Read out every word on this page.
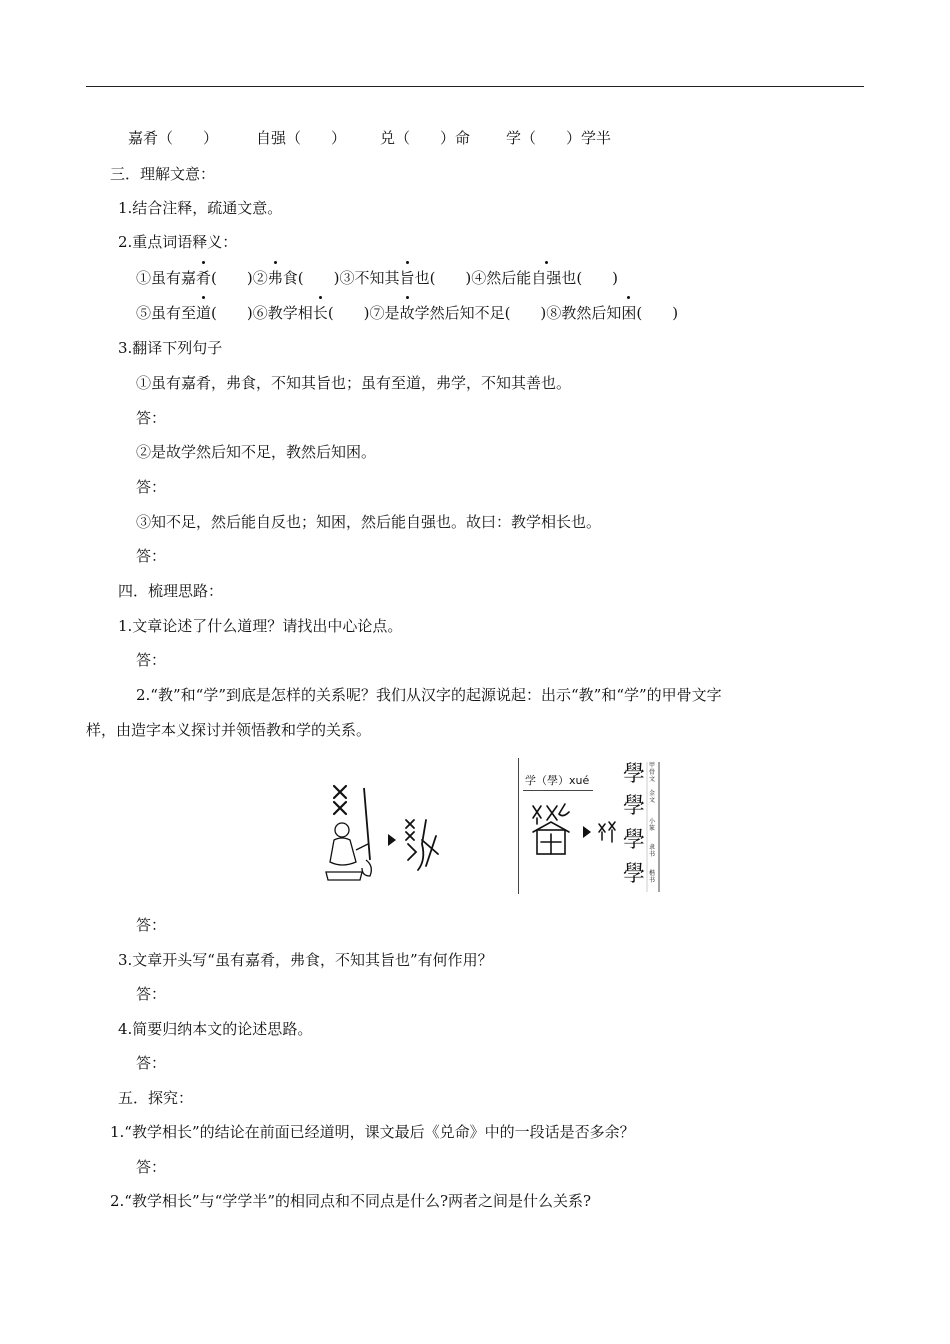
嘉肴（　　）	自强（　　） 兑（　　）命 学（　　）学半
三．理解文意：
1.结合注释，疏通文意。
2.重点词语释义：
①虽有嘉肴(　　)②弗食(　　)③不知其旨也(　　)④然后能自强也(　　)
⑤虽有至道(　　)⑥教学相长(　　)⑦是故学然后知不足(　　)⑧教然后知困(　　)
3.翻译下列句子
①虽有嘉肴，弗食，不知其旨也；虽有至道，弗学，不知其善也。
答：
②是故学然后知不足，教然后知困。
答：
③知不足，然后能自反也；知困，然后能自强也。故曰：教学相长也。
答：
四．梳理思路：
1.文章论述了什么道理？请找出中心论点。
答：
2.“教”和“学”到底是怎样的关系呢？我们从汉字的起源说起：出示“教”和“学”的甲骨文字
样，由造字本义探讨并领悟教和学的关系。
学（學）xué 學
學
學
學
甲骨文
金文
小篆
隶书
楷书
答：
3.文章开头写“虽有嘉肴，弗食，不知其旨也”有何作用？
答：
4.简要归纳本文的论述思路。
答：
五．探究：
1.“教学相长”的结论在前面已经道明，课文最后《兑命》中的一段话是否多余？
答：
2.“教学相长”与“学学半”的相同点和不同点是什么?两者之间是什么关系?
